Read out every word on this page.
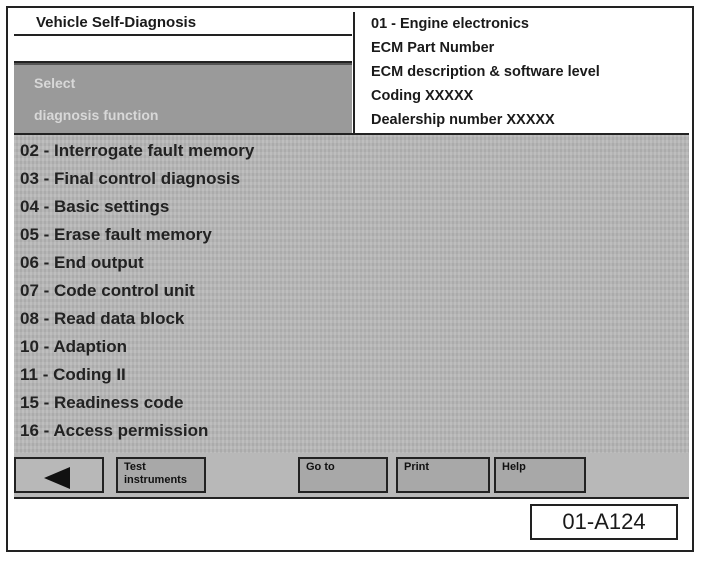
Vehicle Self-Diagnosis
Select
diagnosis function
01 - Engine electronics
ECM Part Number
ECM description & software level
Coding XXXXX
Dealership number XXXXX
02 - Interrogate fault memory
03 - Final control diagnosis
04 - Basic settings
05 - Erase fault memory
06 - End output
07 - Code control unit
08 - Read data block
10 - Adaption
11 - Coding II
15 - Readiness code
16 - Access permission
Test
instruments
Go to	Print	Help
01-A124
